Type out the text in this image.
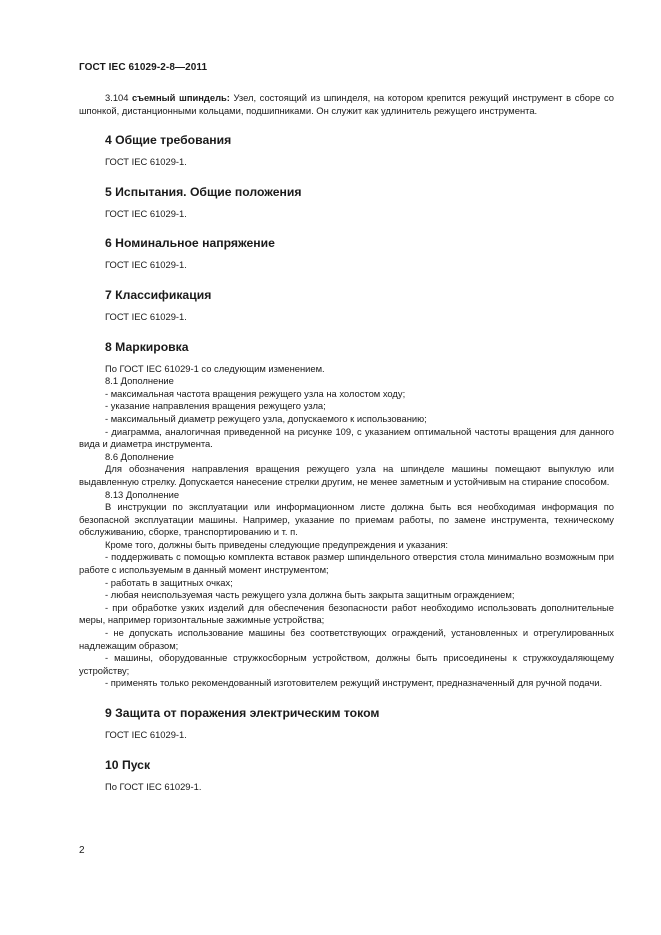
ГОСТ IEC 61029-2-8—2011

3.104 съемный шпиндель: Узел, состоящий из шпинделя, на котором крепится режущий инструмент в сборе со шпонкой, дистанционными кольцами, подшипниками. Он служит как удлинитель режущего инструмента.

4 Общие требования

ГОСТ IEC 61029-1.

5 Испытания. Общие положения

ГОСТ IEC 61029-1.

6 Номинальное напряжение

ГОСТ IEC 61029-1.

7 Классификация

ГОСТ IEC 61029-1.

8 Маркировка

По ГОСТ IEC 61029-1 со следующим изменением.

8.1 Дополнение

- максимальная частота вращения режущего узла на холостом ходу;

- указание направления вращения режущего узла;

- максимальный диаметр режущего узла, допускаемого к использованию;

- диаграмма, аналогичная приведенной на рисунке 109, с указанием оптимальной частоты вращения для данного вида и диаметра инструмента.

8.6 Дополнение

Для обозначения направления вращения режущего узла на шпинделе машины помещают выпуклую или выдавленную стрелку. Допускается нанесение стрелки другим, не менее заметным и устойчивым на стирание способом.

8.13 Дополнение

В инструкции по эксплуатации или информационном листе должна быть вся необходимая информация по безопасной эксплуатации машины. Например, указание по приемам работы, по замене инструмента, техническому обслуживанию, сборке, транспортированию и т. п.

Кроме того, должны быть приведены следующие предупреждения и указания:

- поддерживать с помощью комплекта вставок размер шпиндельного отверстия стола минимально возможным при работе с используемым в данный момент инструментом;

- работать в защитных очках;

- любая неиспользуемая часть режущего узла должна быть закрыта защитным ограждением;

- при обработке узких изделий для обеспечения безопасности работ необходимо использовать дополнительные меры, например горизонтальные зажимные устройства;

- не допускать использование машины без соответствующих ограждений, установленных и отрегулированных надлежащим образом;

- машины, оборудованные стружкосборным устройством, должны быть присоединены к стружкоудаляющему устройству;

- применять только рекомендованный изготовителем режущий инструмент, предназначенный для ручной подачи.

9 Защита от поражения электрическим током

ГОСТ IEC 61029-1.

10 Пуск

По ГОСТ IEC 61029-1.

2
